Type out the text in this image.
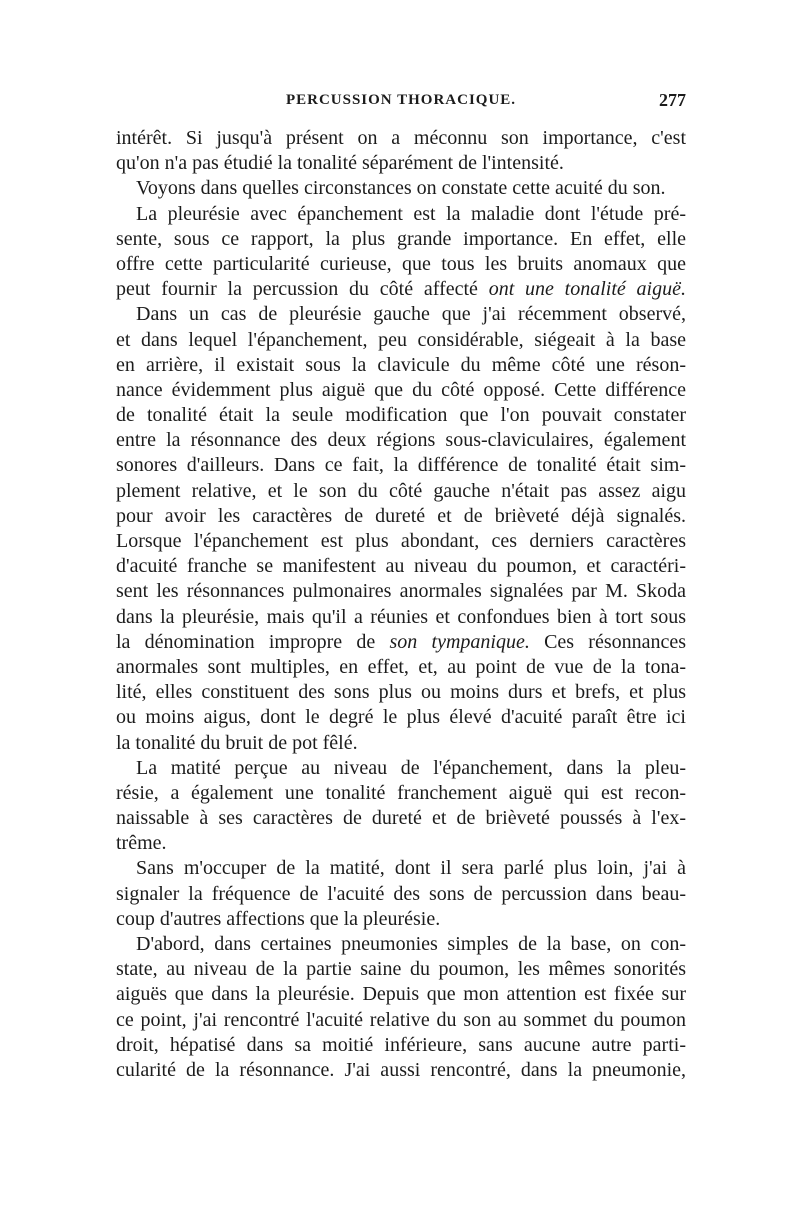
PERCUSSION THORACIQUE.	277
intérêt. Si jusqu'à présent on a méconnu son importance, c'est
qu'on n'a pas étudié la tonalité séparément de l'intensité.
Voyons dans quelles circonstances on constate cette acuité du son.
La pleurésie avec épanchement est la maladie dont l'étude pré-
sente, sous ce rapport, la plus grande importance. En effet, elle
offre cette particularité curieuse, que tous les bruits anomaux que
peut fournir la percussion du côté affecté ont une tonalité aiguë.
Dans un cas de pleurésie gauche que j'ai récemment observé,
et dans lequel l'épanchement, peu considérable, siégeait à la base
en arrière, il existait sous la clavicule du même côté une réson-
nance évidemment plus aiguë que du côté opposé. Cette différence
de tonalité était la seule modification que l'on pouvait constater
entre la résonnance des deux régions sous-claviculaires, également
sonores d'ailleurs. Dans ce fait, la différence de tonalité était sim-
plement relative, et le son du côté gauche n'était pas assez aigu
pour avoir les caractères de dureté et de brièveté déjà signalés.
Lorsque l'épanchement est plus abondant, ces derniers caractères
d'acuité franche se manifestent au niveau du poumon, et caractéri-
sent les résonnances pulmonaires anormales signalées par M. Skoda
dans la pleurésie, mais qu'il a réunies et confondues bien à tort sous
la dénomination impropre de son tympanique. Ces résonnances
anormales sont multiples, en effet, et, au point de vue de la tona-
lité, elles constituent des sons plus ou moins durs et brefs, et plus
ou moins aigus, dont le degré le plus élevé d'acuité paraît être ici
la tonalité du bruit de pot fêlé.
La matité perçue au niveau de l'épanchement, dans la pleu-
résie, a également une tonalité franchement aiguë qui est recon-
naissable à ses caractères de dureté et de brièveté poussés à l'ex-
trême.
Sans m'occuper de la matité, dont il sera parlé plus loin, j'ai à
signaler la fréquence de l'acuité des sons de percussion dans beau-
coup d'autres affections que la pleurésie.
D'abord, dans certaines pneumonies simples de la base, on con-
state, au niveau de la partie saine du poumon, les mêmes sonorités
aiguës que dans la pleurésie. Depuis que mon attention est fixée sur
ce point, j'ai rencontré l'acuité relative du son au sommet du poumon
droit, hépatisé dans sa moitié inférieure, sans aucune autre parti-
cularité de la résonnance. J'ai aussi rencontré, dans la pneumonie,
